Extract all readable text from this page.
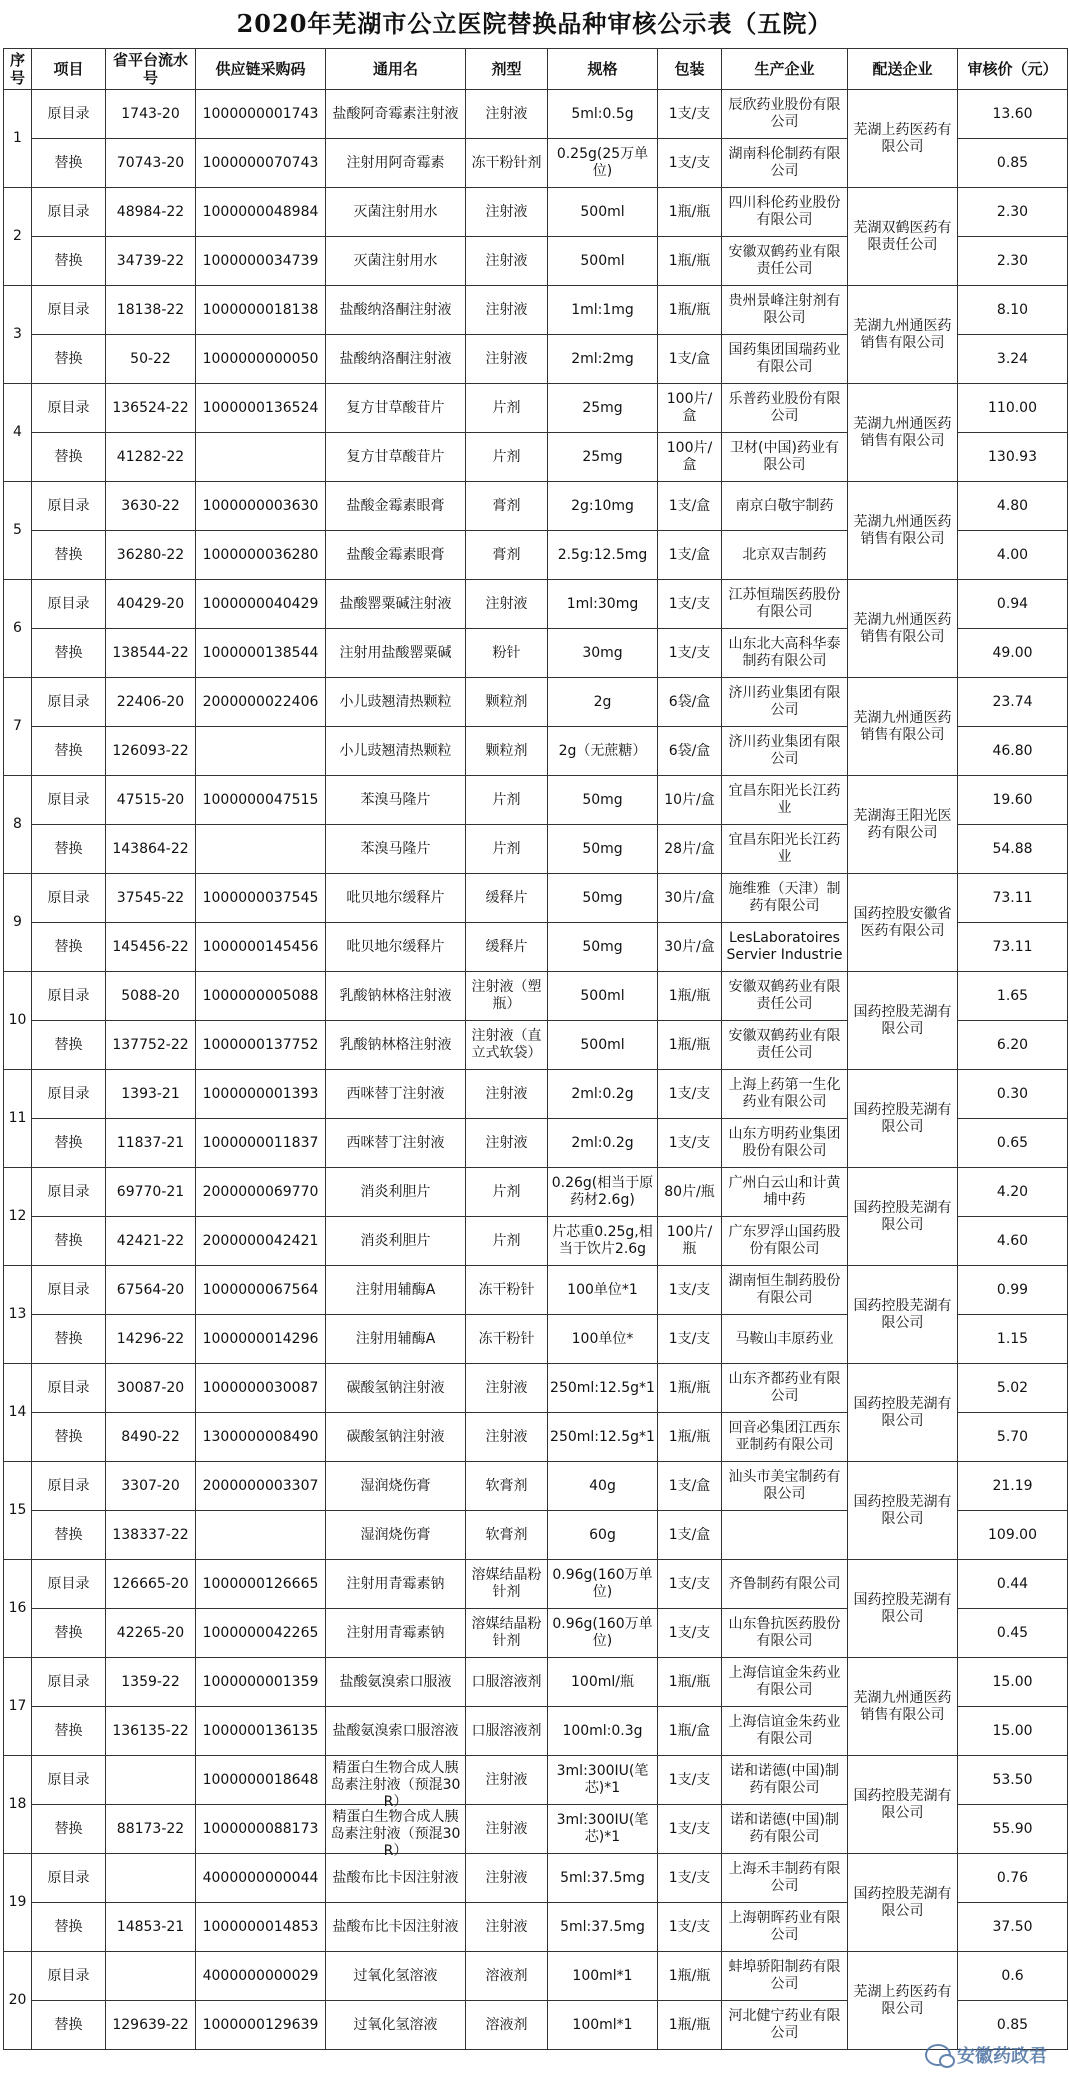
2020年芜湖市公立医院替换品种审核公示表（五院）
序号	项目	省平台流水号	供应链采购码	通用名	剂型	规格	包装	生产企业	配送企业	审核价（元）
1	原目录	1743-20	1000000001743	盐酸阿奇霉素注射液	注射液	5ml:0.5g	1支/支	辰欣药业股份有限公司	芜湖上药医药有限公司	13.60

	替换	70743-20	1000000070743	注射用阿奇霉素	冻干粉针剂	0.25g(25万单位)	1支/支	湖南科伦制药有限公司		0.85
2	原目录	48984-22	1000000048984	灭菌注射用水	注射液	500ml	1瓶/瓶	四川科伦药业股份有限公司	芜湖双鹤医药有限责任公司	2.30

	替换	34739-22	1000000034739	灭菌注射用水	注射液	500ml	1瓶/瓶	安徽双鹤药业有限责任公司		2.30
3	原目录	18138-22	1000000018138	盐酸纳洛酮注射液	注射液	1ml:1mg	1瓶/瓶	贵州景峰注射剂有限公司	芜湖九州通医药销售有限公司	8.10

	替换	50-22	1000000000050	盐酸纳洛酮注射液	注射液	2ml:2mg	1支/盒	国药集团国瑞药业有限公司		3.24
4	原目录	136524-22	1000000136524	复方甘草酸苷片	片剂	25mg	100片/盒	乐普药业股份有限公司	芜湖九州通医药销售有限公司	110.00

	替换	41282-22		复方甘草酸苷片	片剂	25mg	100片/盒	卫材(中国)药业有限公司		130.93
5	原目录	3630-22	1000000003630	盐酸金霉素眼膏	膏剂	2g:10mg	1支/盒	南京白敬宇制药	芜湖九州通医药销售有限公司	4.80

	替换	36280-22	1000000036280	盐酸金霉素眼膏	膏剂	2.5g:12.5mg	1支/盒	北京双吉制药		4.00
6	原目录	40429-20	1000000040429	盐酸罂粟碱注射液	注射液	1ml:30mg	1支/支	江苏恒瑞医药股份有限公司	芜湖九州通医药销售有限公司	0.94

	替换	138544-22	1000000138544	注射用盐酸罂粟碱	粉针	30mg	1支/支	山东北大高科华泰制药有限公司		49.00
7	原目录	22406-20	2000000022406	小儿豉翘清热颗粒	颗粒剂	2g	6袋/盒	济川药业集团有限公司	芜湖九州通医药销售有限公司	23.74

	替换	126093-22		小儿豉翘清热颗粒	颗粒剂	2g（无蔗糖）	6袋/盒	济川药业集团有限公司		46.80
8	原目录	47515-20	1000000047515	苯溴马隆片	片剂	50mg	10片/盒	宜昌东阳光长江药业	芜湖海王阳光医药有限公司	19.60

	替换	143864-22		苯溴马隆片	片剂	50mg	28片/盒	宜昌东阳光长江药业		54.88
9	原目录	37545-22	1000000037545	吡贝地尔缓释片	缓释片	50mg	30片/盒	施维雅（天津）制药有限公司	国药控股安徽省医药有限公司	73.11

	替换	145456-22	1000000145456	吡贝地尔缓释片	缓释片	50mg	30片/盒	LesLaboratoires Servier Industrie		73.11
10	原目录	5088-20	1000000005088	乳酸钠林格注射液	注射液（塑瓶）	500ml	1瓶/瓶	安徽双鹤药业有限责任公司	国药控股芜湖有限公司	1.65

	替换	137752-22	1000000137752	乳酸钠林格注射液	注射液（直立式软袋）	500ml	1瓶/瓶	安徽双鹤药业有限责任公司		6.20
11	原目录	1393-21	1000000001393	西咪替丁注射液	注射液	2ml:0.2g	1支/支	上海上药第一生化药业有限公司	国药控股芜湖有限公司	0.30

	替换	11837-21	1000000011837	西咪替丁注射液	注射液	2ml:0.2g	1支/支	山东方明药业集团股份有限公司		0.65
12	原目录	69770-21	2000000069770	消炎利胆片	片剂	0.26g(相当于原药材2.6g)	80片/瓶	广州白云山和计黄埔中药	国药控股芜湖有限公司	4.20

	替换	42421-22	2000000042421	消炎利胆片	片剂	片芯重0.25g,相当于饮片2.6g	100片/瓶	广东罗浮山国药股份有限公司		4.60
13	原目录	67564-20	1000000067564	注射用辅酶A	冻干粉针	100单位*1	1支/支	湖南恒生制药股份有限公司	国药控股芜湖有限公司	0.99

	替换	14296-22	1000000014296	注射用辅酶A	冻干粉针	100单位*	1支/支	马鞍山丰原药业		1.15
14	原目录	30087-20	1000000030087	碳酸氢钠注射液	注射液	250ml:12.5g*1	1瓶/瓶	山东齐都药业有限公司	国药控股芜湖有限公司	5.02

	替换	8490-22	1300000008490	碳酸氢钠注射液	注射液	250ml:12.5g*1	1瓶/瓶	回音必集团江西东亚制药有限公司		5.70
15	原目录	3307-20	2000000003307	湿润烧伤膏	软膏剂	40g	1支/盒	汕头市美宝制药有限公司	国药控股芜湖有限公司	21.19

	替换	138337-22		湿润烧伤膏	软膏剂	60g	1支/盒			109.00
16	原目录	126665-20	1000000126665	注射用青霉素钠	溶媒结晶粉针剂	0.96g(160万单位)	1支/支	齐鲁制药有限公司	国药控股芜湖有限公司	0.44

	替换	42265-20	1000000042265	注射用青霉素钠	溶媒结晶粉针剂	0.96g(160万单位)	1支/支	山东鲁抗医药股份有限公司		0.45
17	原目录	1359-22	1000000001359	盐酸氨溴索口服液	口服溶液剂	100ml/瓶	1瓶/瓶	上海信谊金朱药业有限公司	芜湖九州通医药销售有限公司	15.00

	替换	136135-22	1000000136135	盐酸氨溴索口服溶液	口服溶液剂	100ml:0.3g	1瓶/盒	上海信谊金朱药业有限公司		15.00
18	原目录		1000000018648	精蛋白生物合成人胰岛素注射液（预混30R）	注射液	3ml:300IU(笔芯)*1	1支/支	诺和诺德(中国)制药有限公司	国药控股芜湖有限公司	53.50

	替换	88173-22	1000000088173	精蛋白生物合成人胰岛素注射液（预混30R）	注射液	3ml:300IU(笔芯)*1	1支/支	诺和诺德(中国)制药有限公司		55.90
19	原目录		4000000000044	盐酸布比卡因注射液	注射液	5ml:37.5mg	1支/支	上海禾丰制药有限公司	国药控股芜湖有限公司	0.76

	替换	14853-21	1000000014853	盐酸布比卡因注射液	注射液	5ml:37.5mg	1支/支	上海朝晖药业有限公司		37.50
20	原目录		4000000000029	过氧化氢溶液	溶液剂	100ml*1	1瓶/瓶	蚌埠骄阳制药有限公司	芜湖上药医药有限公司	0.6

	替换	129639-22	1000000129639	过氧化氢溶液	溶液剂	100ml*1	1瓶/瓶	河北健宁药业有限公司		0.85
安徽药政君
